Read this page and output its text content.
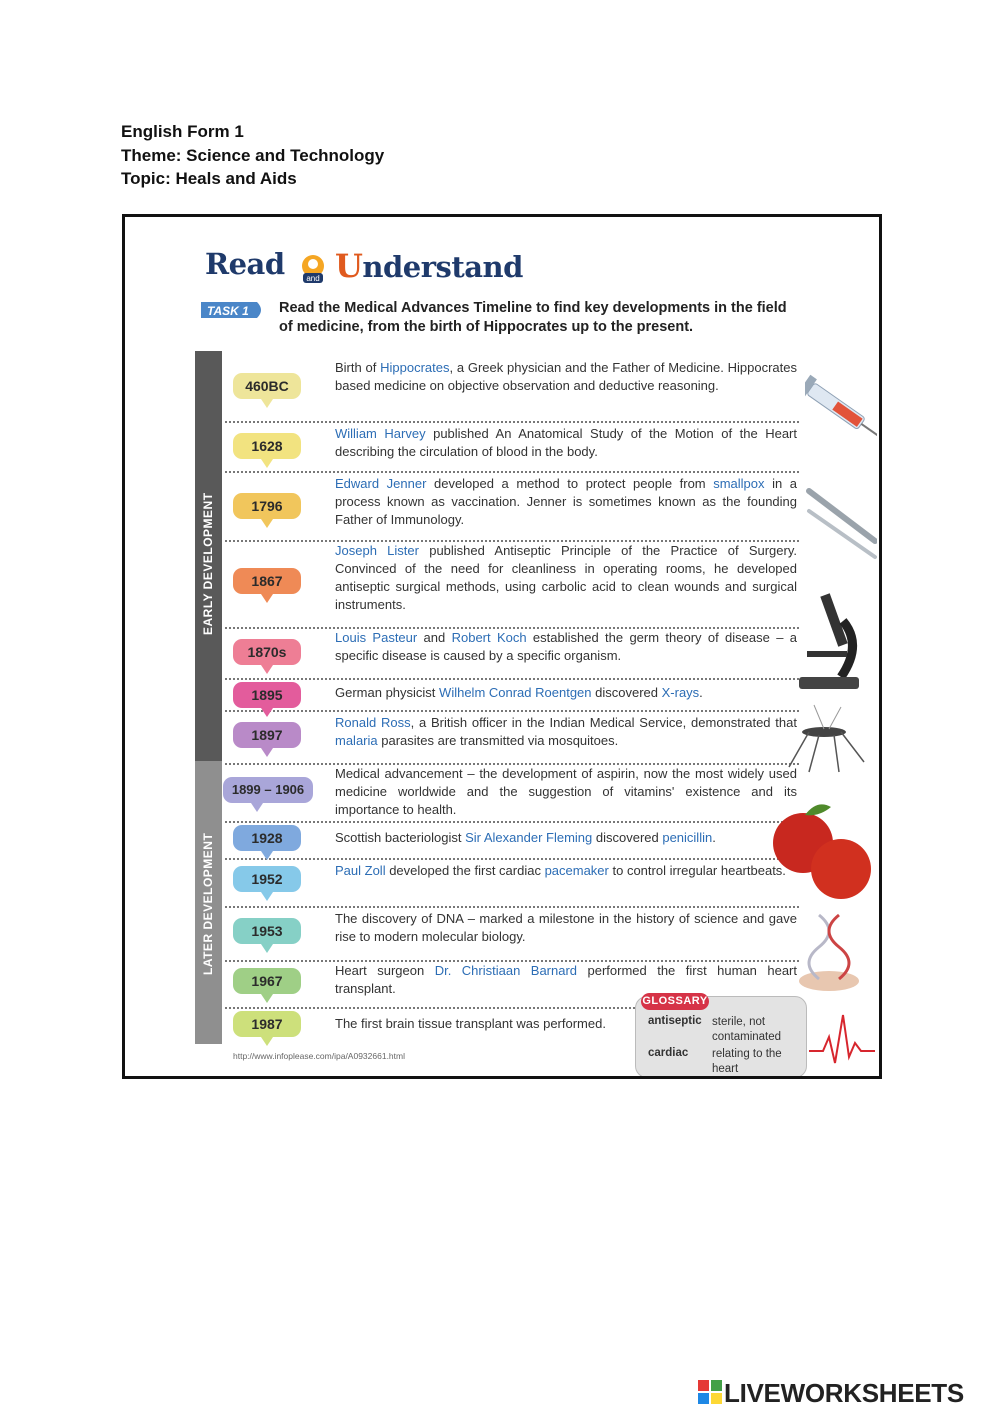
English Form 1
Theme: Science and Technology
Topic: Heals and Aids
Read	and Understand
TASK 1 Read the Medical Advances Timeline to find key developments in the field of medicine, from the birth of Hippocrates up to the present.
EARLY DEVELOPMENT
LATER DEVELOPMENT
460BC
Birth of Hippocrates, a Greek physician and the Father of Medicine. Hippocrates based medicine on objective observation and deductive reasoning.
1628
William Harvey published An Anatomical Study of the Motion of the Heart describing the circulation of blood in the body.
1796
Edward Jenner developed a method to protect people from smallpox in a process known as vaccination. Jenner is sometimes known as the founding Father of Immunology.
1867
Joseph Lister published Antiseptic Principle of the Practice of Surgery. Convinced of the need for cleanliness in operating rooms, he developed antiseptic surgical methods, using carbolic acid to clean wounds and surgical instruments.
1870s
Louis Pasteur and Robert Koch established the germ theory of disease – a specific disease is caused by a specific organism.
1895	German physicist Wilhelm Conrad Roentgen discovered X-rays.
1897
Ronald Ross, a British officer in the Indian Medical Service, demonstrated that malaria parasites are transmitted via mosquitoes.
1899 – 1906
Medical advancement – the development of aspirin, now the most widely used medicine worldwide and the suggestion of vitamins' existence and its importance to health.
1928	Scottish bacteriologist Sir Alexander Fleming discovered penicillin.
1952
Paul Zoll developed the first cardiac pacemaker to control irregular heartbeats.
1953
The discovery of DNA – marked a milestone in the history of science and gave rise to modern molecular biology.
1967
Heart surgeon Dr. Christiaan Barnard performed the first human heart transplant.
1987	The first brain tissue transplant was performed.	antiseptic sterile, not contaminated
cardiac relating to the heart
GLOSSARY
http://www.infoplease.com/ipa/A0932661.html
LIVEWORKSHEETS
